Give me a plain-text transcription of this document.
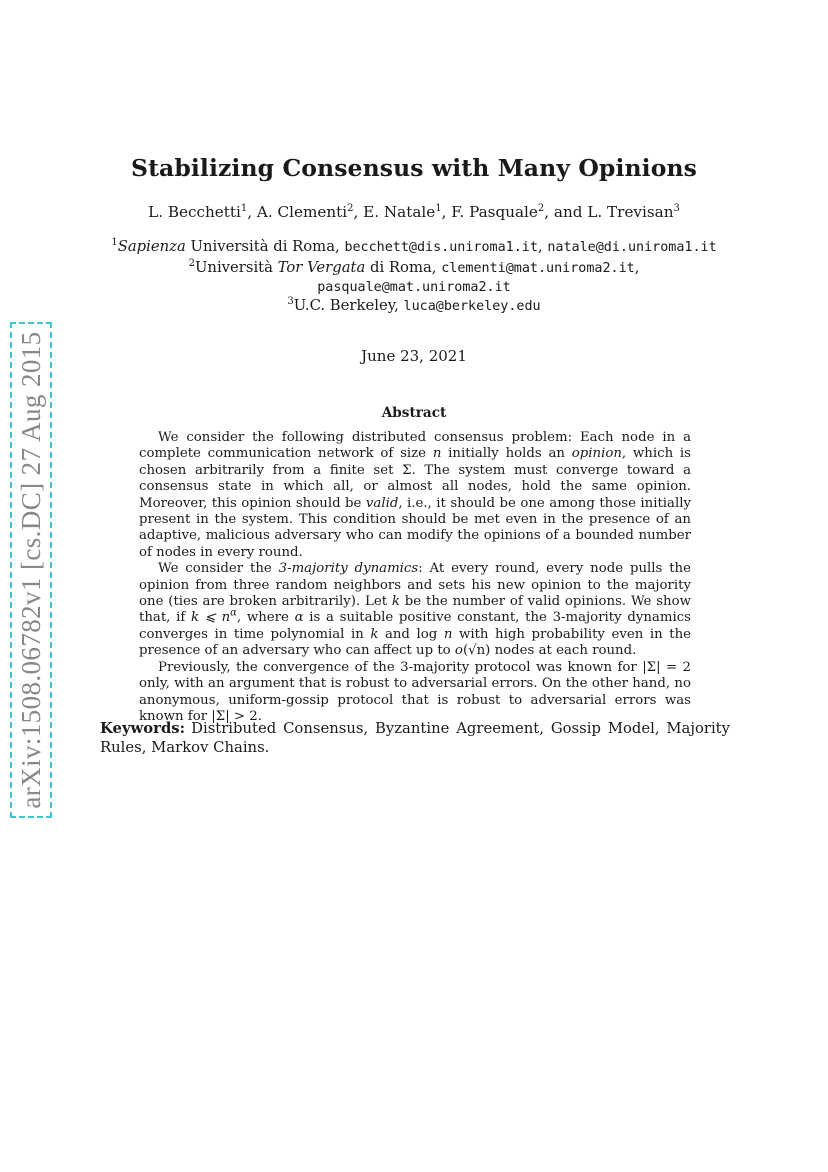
arXiv:1508.06782v1 [cs.DC] 27 Aug 2015
Stabilizing Consensus with Many Opinions
L. Becchetti$^1$, A. Clementi$^2$, E. Natale$^1$, F. Pasquale$^2$, and L. Trevisan$^3$
$^1$Sapienza Università di Roma, becchett@dis.uniroma1.it, natale@di.uniroma1.it
$^2$Università Tor Vergata di Roma, clementi@mat.uniroma2.it,
pasquale@mat.uniroma2.it
$^3$U.C. Berkeley, luca@berkeley.edu
June 23, 2021
Abstract

We consider the following distributed consensus problem: Each node in a complete communication network of size n initially holds an opinion, which is chosen arbitrarily from a finite set Σ. The system must converge toward a consensus state in which all, or almost all nodes, hold the same opinion. Moreover, this opinion should be valid, i.e., it should be one among those initially present in the system. This condition should be met even in the presence of an adaptive, malicious adversary who can modify the opinions of a bounded number of nodes in every round.

We consider the 3-majority dynamics: At every round, every node pulls the opinion from three random neighbors and sets his new opinion to the majority one (ties are broken arbitrarily). Let k be the number of valid opinions. We show that, if k ⩽ $n^\alpha$, where α is a suitable positive constant, the 3-majority dynamics converges in time polynomial in k and log n with high probability even in the presence of an adversary who can affect up to o(√n) nodes at each round.

Previously, the convergence of the 3-majority protocol was known for |Σ| = 2 only, with an argument that is robust to adversarial errors. On the other hand, no anonymous, uniform-gossip protocol that is robust to adversarial errors was known for |Σ| > 2.

Keywords: Distributed Consensus, Byzantine Agreement, Gossip Model, Majority Rules, Markov Chains.
